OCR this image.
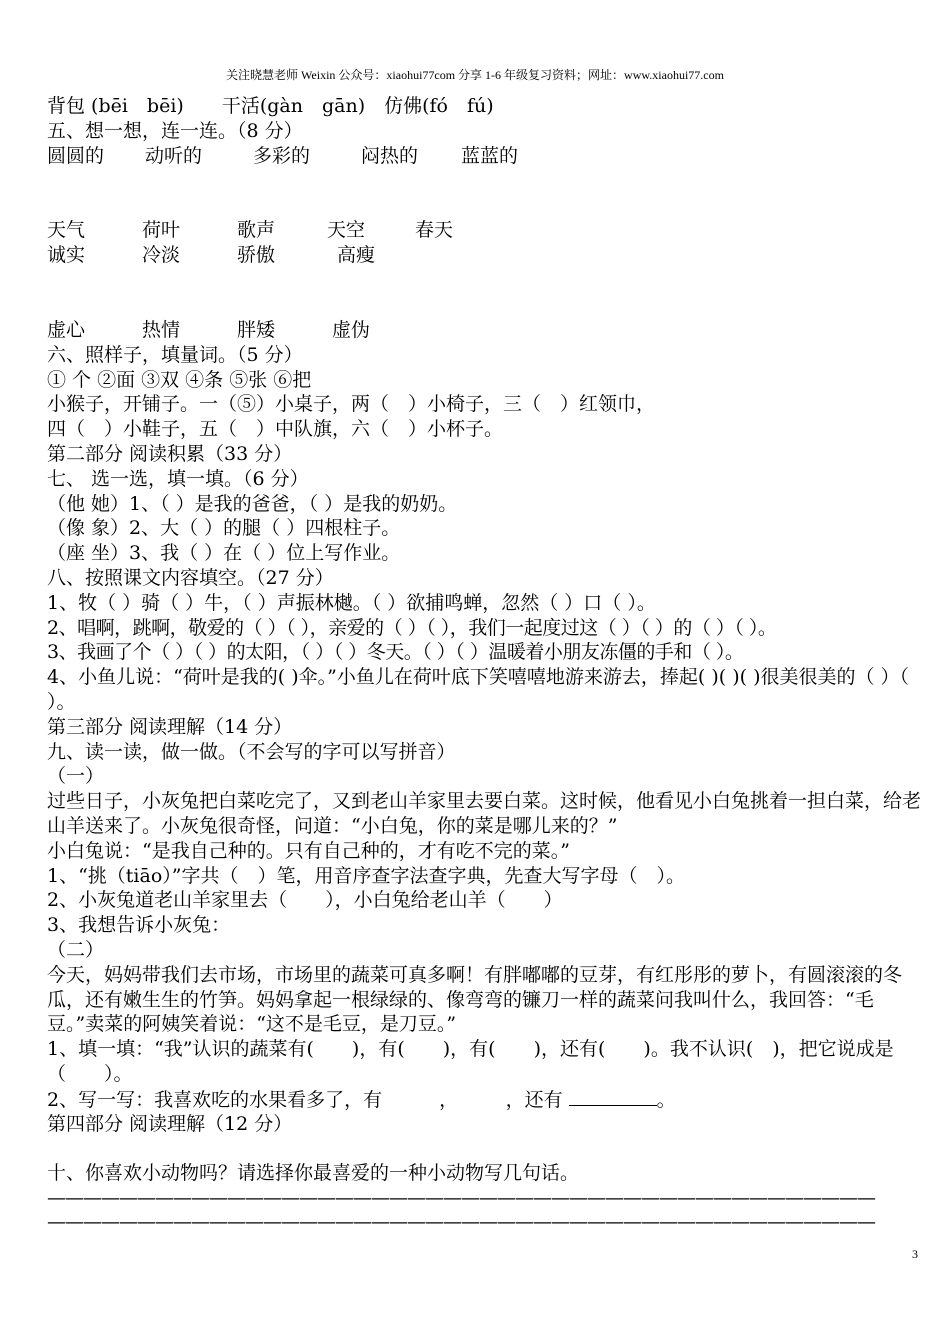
关注晓慧老师 Weixin 公众号：xiaohui77com 分享 1-6 年级复习资料；网址：www.xiaohui77.com
背包 (bēi　bēi)　　干活(gàn　gān)　仿佛(fó　fú)
五、想一想，连一连。（8 分）
圆圆的 动听的	多彩的	闷热的 蓝蓝的
天气	荷叶	歌声	天空	春天
诚实	冷淡	骄傲	高瘦
虚心	热情	胖矮	虚伪
六、照样子，填量词。（5 分）
① 个 ②面 ③双 ④条 ⑤张 ⑥把
小猴子，开铺子。一（⑤）小桌子，两（　）小椅子，三（　）红领巾，
四（　）小鞋子，五（　）中队旗，六（　）小杯子。
第二部分 阅读积累（33 分）
七、 选一选，填一填。（6 分）
（他 她）1、（ ）是我的爸爸，（ ）是我的奶奶。
（像 象）2、大（ ）的腿（ ）四根柱子。
（座 坐）3、我（ ）在（ ）位上写作业。
八、按照课文内容填空。（27 分）
1、牧（ ）骑（ ）牛，（ ）声振林樾。（ ）欲捕鸣蝉，忽然（ ）口（ ）。
2、唱啊，跳啊，敬爱的（ ）（ ），亲爱的（ ）（ ），我们一起度过这（ ）（ ）的（ ）（ ）。
3、我画了个（ ）（ ）的太阳，（ ）（ ）冬天。（ ）（ ）温暖着小朋友冻僵的手和（ ）。
4、小鱼儿说：“荷叶是我的( )伞。”小鱼儿在荷叶底下笑嘻嘻地游来游去，捧起( )( )( )很美很美的（ ）（ ）。
第三部分 阅读理解（14 分）
九、读一读，做一做。（不会写的字可以写拼音）
（一）
过些日子，小灰兔把白菜吃完了，又到老山羊家里去要白菜。这时候，他看见小白兔挑着一担白菜，给老山羊送来了。小灰兔很奇怪，问道：“小白兔，你的菜是哪儿来的？”
小白兔说：“是我自己种的。只有自己种的，才有吃不完的菜。”
1、“挑（tiāo）”字共（　）笔，用音序查字法查字典，先查大写字母（　）。
2、小灰兔道老山羊家里去（　　），小白兔给老山羊（　　）
3、我想告诉小灰兔：
（二）
今天，妈妈带我们去市场，市场里的蔬菜可真多啊！有胖嘟嘟的豆芽，有红彤彤的萝卜，有圆滚滚的冬瓜，还有嫩生生的竹笋。妈妈拿起一根绿绿的、像弯弯的镰刀一样的蔬菜问我叫什么，我回答：“毛豆。”卖菜的阿姨笑着说：“这不是毛豆，是刀豆。”
1、填一填：“我”认识的蔬菜有(　　)，有(　　)，有(　　)，还有(　　)。我不认识(　)，把它说成是（　　）。
2、写一写：我喜欢吃的水果看多了，有　　　，　　　，还有	。
第四部分 阅读理解（12 分）
十、你喜欢小动物吗？请选择你最喜爱的一种小动物写几句话。
——————————————————————————————————————————————
——————————————————————————————————————————————
3
